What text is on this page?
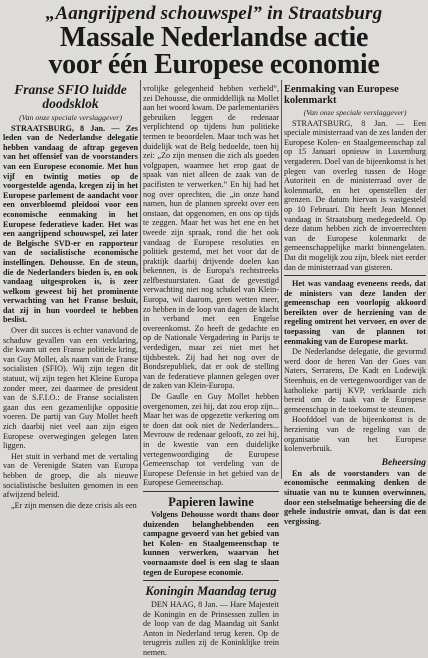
„Aangrijpend schouwspel” in Straatsburg
Massale Nederlandse actie
voor één Europese economie
Franse SFIO luidde doodsklok
(Van onze speciale verslaggever)

STRAATSBURG, 8 Jan. — Zes leden van de Nederlandse delegatie hebben vandaag de aftrap gegeven van het offensief van de voorstanders van een Europese economie. Met hun vijf en twintig moties op de voorgestelde agenda, kregen zij in het Europese parlement de aandacht voor een onverbloemd pleidooi voor een economische eenmaking in het Europese federatieve kader. Het was een aangrijpend schouwspel, zei later de Belgische SVD-er en rapporteur van de socialistische economische instellingen. Dehousse. En de steun, die de Nederlanders bieden is, en ook vandaag uitgesproken is, is zeer welkom geweest bij het prominente verwachting van het Franse besluit, dat zij in hun voordeel te hebben beslist.

Over dit succes is echter vanavond de schaduw gevallen van een verklaring, die kwam uit een Franse politieke kring, van Guy Mollet, als naam van de Franse socialisten (SFIO). Wij zijn tegen dit statuut, wij zijn tegen het Kleine Europa zonder meer, zei daarmee de president van de S.F.I.O.: de Franse socialisten gaan dus een gezamenlijke oppositie voeren. De partij van Guy Mollet heeft zich daarbij niet veel aan zijn eigen Europese overwegingen gelegen laten liggen.

Het stuit in verband met de vertaling van de Verenigde Staten van Europa hebben de groep, die als nieuwe socialistische besluiten genomen in een afwijzend beleid.

„Er zijn mensen die deze crisis als een

vrolijke gelegenheid hebben verheld”, zei Dehousse, die onmiddellijk na Mollet aan het woord kwam. De parlementariërs gebruiken leggen de redenaar verplichtend op tijdens hun politieke termen te beoordelen. Maar toch was het duidelijk wat de Belg bedoelde, toen hij zei: „Zo zijn mensen die zich als goeden volgpapen, waarmee het erop gaat de spaak van niet alleen de zaak van de pacifisten te verwerken.” En hij had het nog over oprechten, die „in onze hand namen, hun de plannen spreekt over een onstaan, dat opgenomen, en ons op tijds te zeggen. Maar het was het ene en het tweede zijn spraak, rond die het ook vandaag de Europese resoluties en politiek gestemd, met het voor dat de praktijk daarbij drijvende doelen kan bekennen, is de Europa's rechtstreeks zelfbestuurstaten. Gaat de gevestigd verwachting niet nog schakel van Klein-Europa, wil daarom, geen wetten meer, zo hebben in de loop van dagen de klacht in verband met een Engelse overeenkomst. Zo heeft de gedachte en op de Nationale Vergadering in Parijs te verdedigen, maar zei niet met het tijdsbestek. Zij had het nog over de Bondsrepubliek, dat er ook de stelling van de federatieve plannen gelegen over de zaken van Klein-Europa.

De Gaulle en Guy Mollet hebben overgenomen, zei hij, dat zou erop zijn... Maar het was de opgezette verkering om te doen dat ook niet de Nederlanders... Mevrouw de redenaar gelooft, zo zei hij, in de kwestie van een duidelijke vertegenwoordiging de Europese Gemeenschap tot verdeling van de Europese Defensie in het gebied van de Europese Gemeenschap.

Papieren lawine

Volgens Dehousse wordt thans door duizenden belanghebbenden een campagne gevoerd van het gebied van het Kolen- en Staalgemeenschap te kunnen verwerken, waarvan het voornaamste doel is een slag te slaan tegen de Europese economie.

Koningin Maandag terug

DEN HAAG, 8 Jan. — Hare Majesteit de Koningin en de Prinsessen zullen in de loop van de dag Maandag uit Sankt Anton in Nederland terug keren. Op de terugreis zullen zij de Koninklijke trein nemen.

Eenmaking van Europese kolenmarkt
(Van onze speciale verslaggever)

STRAATSBURG, 8 Jan. — Een speciale ministerraad van de zes landen der Europese Kolen- en Staalgemeenschap zal op 15 Januari opnieuw in Luxemburg vergaderen. Doel van de bijeenkomst is het plegen van overleg tussen de Hoge Autoriteit en de ministerraad over de kolenmarkt, en het openstellen der grenzen. De datum hiervan is vastgesteld op 10 Februari. Dit heeft Jean Monnet vandaag in Straatsburg medegedeeld. Op deze datum hebben zich de invoerrechten van de Europese kolenmarkt de gemeenschappelijke markt binnengelaten. Dat dit mogelijk zou zijn, bleek niet eerder dan de ministerraad van gisteren.

Het was vandaag eveneens reeds, dat de ministers van deze landen der gemeenschap een voorlopig akkoord bereikten over de herziening van de regeling omtrent het vervoer, en over de toepassing van de plannen tot eenmaking van de Europese markt.

De Nederlandse delegatie, die gevormd werd door de heren Van der Goes van Naters, Serrarens, De Kadt en Lodewijk Steenhuis, en de vertegenwoordiger van de katholieke partij KVP, verklaarde zich bereid om de taak van de Europese gemeenschap in de toekomst te steunen.

Hoofddoel van de bijeenkomst is de herziening van de regeling van de organisatie van het Europese kolenverbruik.

Beheersing

En als de voorstanders van de economische eenmaking denken de situatie van nu te kunnen overwinnen, door een stelselmatige beheersing die de gehele industrie omvat, dan is dat een vergissing.
